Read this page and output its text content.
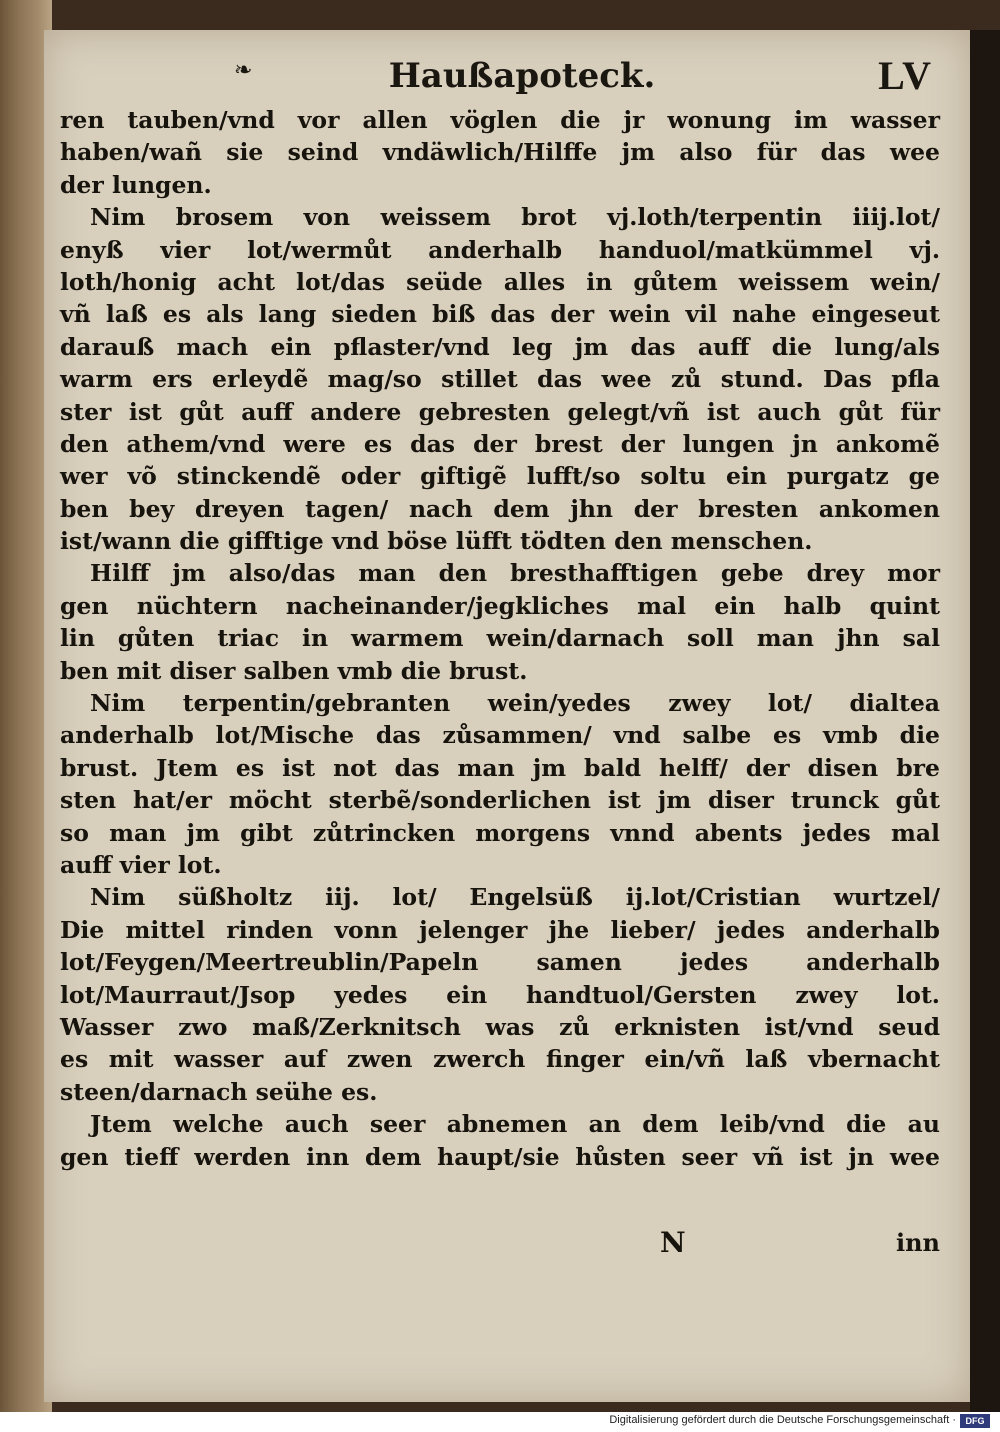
❧	Haußapoteck.	LV
ren tauben/vnd vor allen vöglen die jr wonung im wasser
haben/wañ sie seind vndäwlich/Hilffe jm also für das wee
der lungen.
Nim brosem von weissem brot vj.loth/terpentin iiij.lot/
enyß vier lot/wermůt anderhalb handuol/matkümmel vj.
loth/honig acht lot/das seüde alles in gůtem weissem wein/
vñ laß es als lang sieden biß das der wein vil nahe eingeseut
darauß mach ein pflaster/vnd leg jm das auff die lung/als
warm ers erleydẽ mag/so stillet das wee zů stund. Das pfla
ster ist gůt auff andere gebresten gelegt/vñ ist auch gůt für
den athem/vnd were es das der brest der lungen jn ankomẽ
wer võ stinckendẽ oder giftigẽ lufft/so soltu ein purgatz ge
ben bey dreyen tagen/ nach dem jhn der bresten ankomen
ist/wann die gifftige vnd böse lüfft tödten den menschen.
Hilff jm also/das man den bresthafftigen gebe drey mor
gen nüchtern nacheinander/jegkliches mal ein halb quint
lin gůten triac in warmem wein/darnach soll man jhn sal
ben mit diser salben vmb die brust.
Nim terpentin/gebranten wein/yedes zwey lot/ dialtea
anderhalb lot/Mische das zůsammen/ vnd salbe es vmb die
brust. Jtem es ist not das man jm bald helff/ der disen bre
sten hat/er möcht sterbẽ/sonderlichen ist jm diser trunck gůt
so man jm gibt zůtrincken morgens vnnd abents jedes mal
auff vier lot.
Nim süßholtz iij. lot/ Engelsüß ij.lot/Cristian wurtzel/
Die mittel rinden vonn jelenger jhe lieber/ jedes anderhalb
lot/Feygen/Meertreublin/Papeln samen jedes anderhalb
lot/Maurraut/Jsop yedes ein handtuol/Gersten zwey lot.
Wasser zwo maß/Zerknitsch was zů erknisten ist/vnd seud
es mit wasser auf zwen zwerch finger ein/vñ laß vbernacht
steen/darnach seühe es.
Jtem welche auch seer abnemen an dem leib/vnd die au
gen tieff werden inn dem haupt/sie hůsten seer vñ ist jn wee
N	inn
Digitalisierung gefördert durch die Deutsche Forschungsgemeinschaft ·	DFG
